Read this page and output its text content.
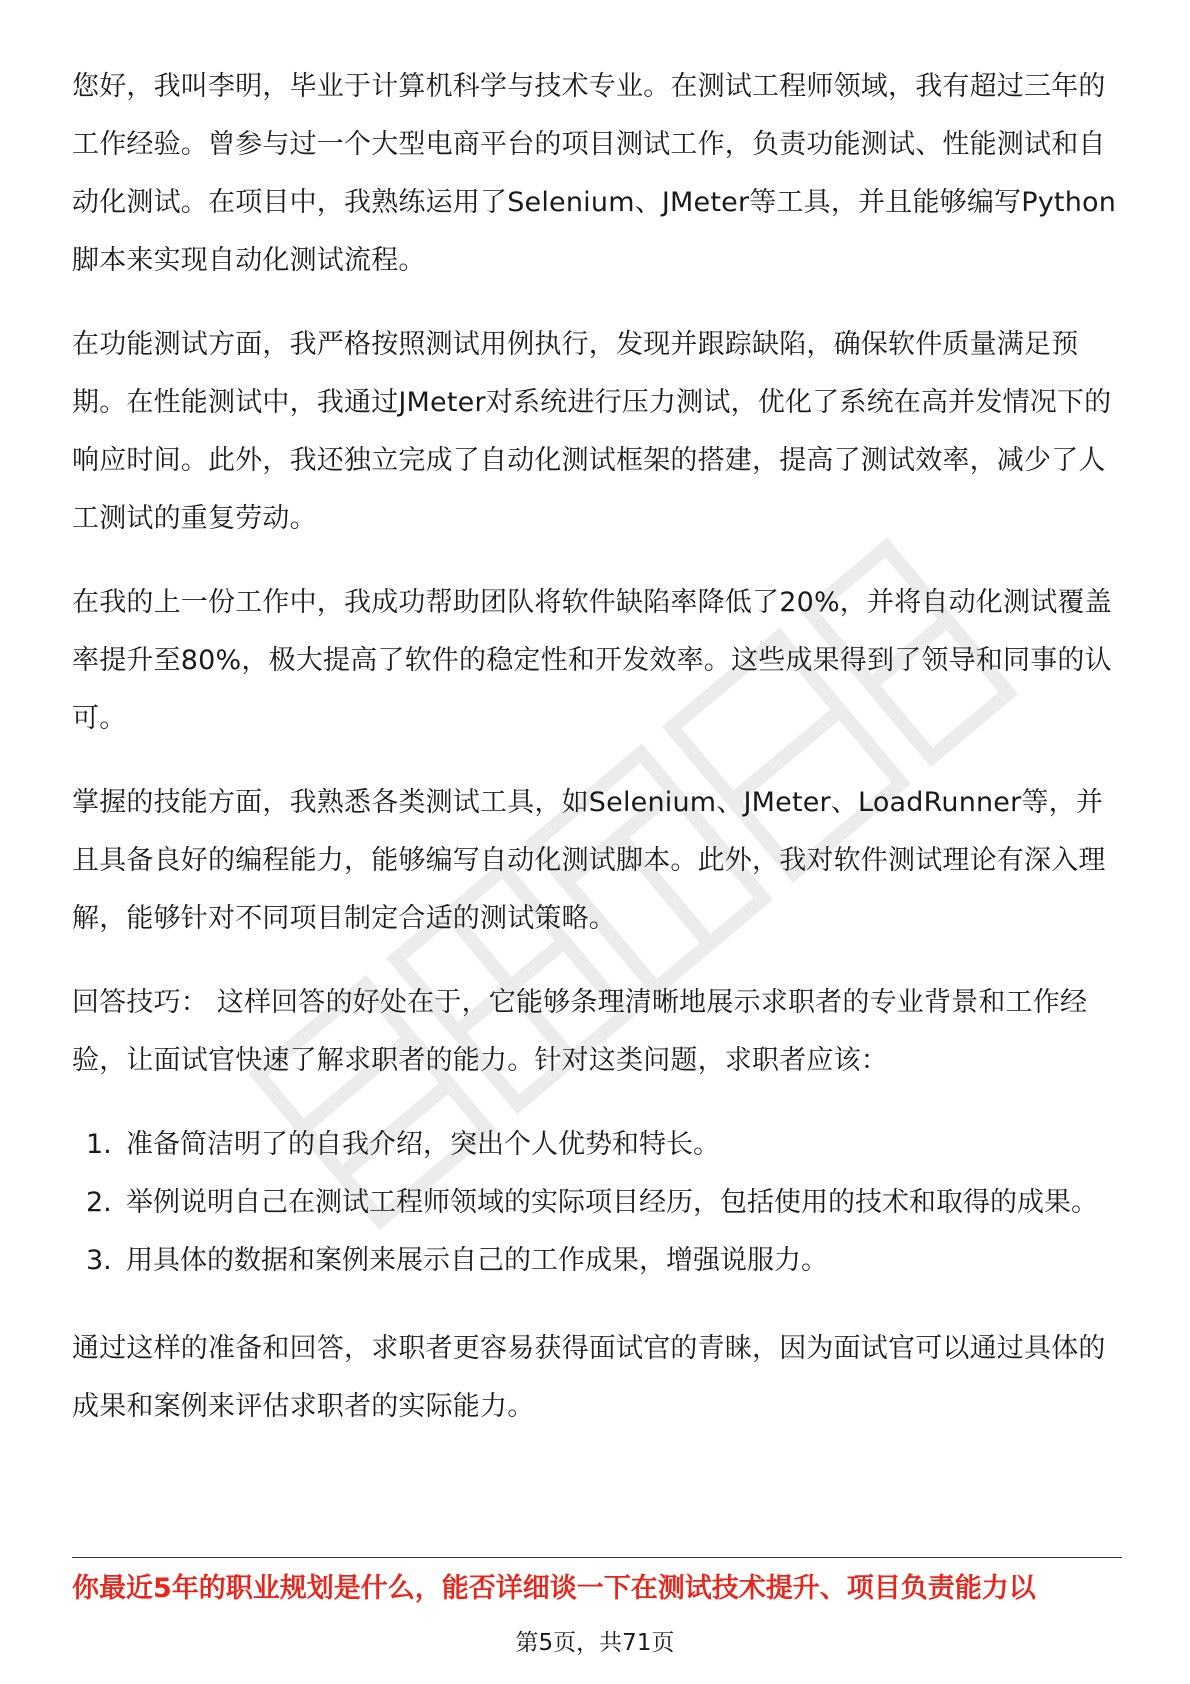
您好，我叫李明，毕业于计算机科学与技术专业。在测试工程师领域，我有超过三年的工作经验。曾参与过一个大型电商平台的项目测试工作，负责功能测试、性能测试和自动化测试。在项目中，我熟练运用了Selenium、JMeter等工具，并且能够编写Python脚本来实现自动化测试流程。

在功能测试方面，我严格按照测试用例执行，发现并跟踪缺陷，确保软件质量满足预期。在性能测试中，我通过JMeter对系统进行压力测试，优化了系统在高并发情况下的响应时间。此外，我还独立完成了自动化测试框架的搭建，提高了测试效率，减少了人工测试的重复劳动。

在我的上一份工作中，我成功帮助团队将软件缺陷率降低了20%，并将自动化测试覆盖率提升至80%，极大提高了软件的稳定性和开发效率。这些成果得到了领导和同事的认可。

掌握的技能方面，我熟悉各类测试工具，如Selenium、JMeter、LoadRunner等，并且具备良好的编程能力，能够编写自动化测试脚本。此外，我对软件测试理论有深入理解，能够针对不同项目制定合适的测试策略。

回答技巧： 这样回答的好处在于，它能够条理清晰地展示求职者的专业背景和工作经验，让面试官快速了解求职者的能力。针对这类问题，求职者应该：

1. 准备简洁明了的自我介绍，突出个人优势和特长。
2. 举例说明自己在测试工程师领域的实际项目经历，包括使用的技术和取得的成果。
3. 用具体的数据和案例来展示自己的工作成果，增强说服力。

通过这样的准备和回答，求职者更容易获得面试官的青睐，因为面试官可以通过具体的成果和案例来评估求职者的实际能力。

你最近5年的职业规划是什么，能否详细谈一下在测试技术提升、项目负责能力以
第5页，共71页
